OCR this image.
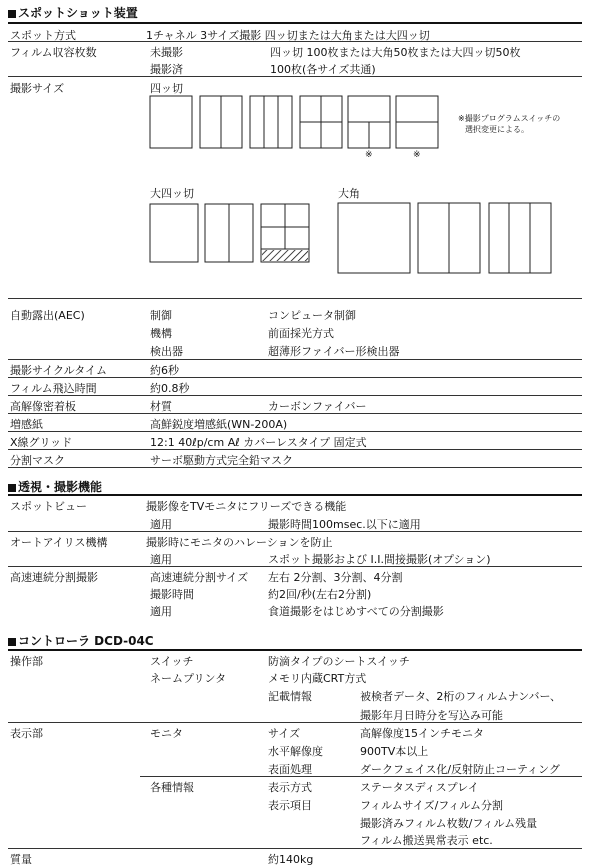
スポットショット装置
スポット方式	1チャネル 3サイズ撮影 四ッ切または大角または大四ッ切
フィルム収容枚数	未撮影	四ッ切 100枚または大角50枚または大四ッ切50枚
撮影済	100枚(各サイズ共通)
撮影サイズ	四ッ切
※撮影プログラムスイッチの
選択変更による。
※	※
大四ッ切	大角
自動露出(AEC)	制御	コンピュータ制御
機構	前面採光方式
検出器	超薄形ファイバー形検出器
撮影サイクルタイム	約6秒
フィルム飛込時間	約0.8秒
高解像密着板	材質	カーボンファイバー
増感紙	高鮮鋭度増感紙(WN-200A)
X線グリッド	12:1 40ℓp/cm Aℓ カバーレスタイプ 固定式
分割マスク	サーボ駆動方式完全鉛マスク
透視・撮影機能
スポットビュー	撮影像をTVモニタにフリーズできる機能
適用	撮影時間100msec.以下に適用
オートアイリス機構	撮影時にモニタのハレーションを防止
適用	スポット撮影および I.I.間接撮影(オプション)
高速連続分割撮影	高速連続分割サイズ 左右 2分割、3分割、4分割
撮影時間	約2回/秒(左右2分割)
適用	食道撮影をはじめすべての分割撮影
コントローラ DCD-04C
操作部	スイッチ	防滴タイプのシートスイッチ
ネームプリンタ	メモリ内蔵CRT方式
記載情報	被検者データ、2桁のフィルムナンバー、
撮影年月日時分を写込み可能
表示部	モニタ	サイズ	高解像度15インチモニタ
水平解像度	900TV本以上
表面処理	ダークフェイス化/反射防止コーティング
各種情報	表示方式	ステータスディスプレイ
表示項目	フィルムサイズ/フィルム分割
撮影済みフィルム枚数/フィルム残量
フィルム搬送異常表示 etc.
質量	約140kg
